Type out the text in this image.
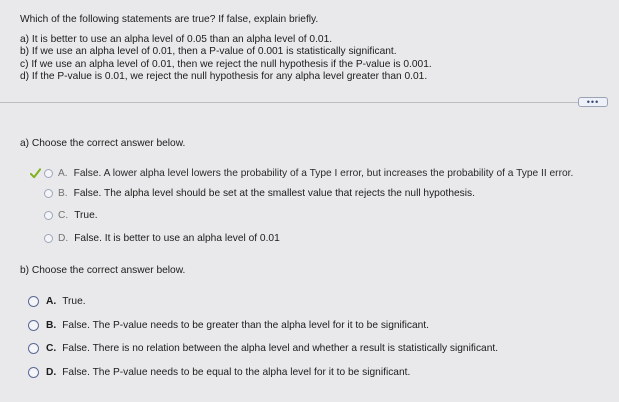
Which of the following statements are true? If false, explain briefly.

a) It is better to use an alpha level of 0.05 than an alpha level of 0.01.

b) If we use an alpha level of 0.01, then a P-value of 0.001 is statistically significant.

c) If we use an alpha level of 0.01, then we reject the null hypothesis if the P-value is 0.001.

d) If the P-value is 0.01, we reject the null hypothesis for any alpha level greater than 0.01.

•••
a) Choose the correct answer below.
A. False. A lower alpha level lowers the probability of a Type I error, but increases the probability of a Type II error.
B. False. The alpha level should be set at the smallest value that rejects the null hypothesis.
C. True.
D. False. It is better to use an alpha level of 0.01
b) Choose the correct answer below.
A. True.
B. False. The P-value needs to be greater than the alpha level for it to be significant.
C. False. There is no relation between the alpha level and whether a result is statistically significant.
D. False. The P-value needs to be equal to the alpha level for it to be significant.
